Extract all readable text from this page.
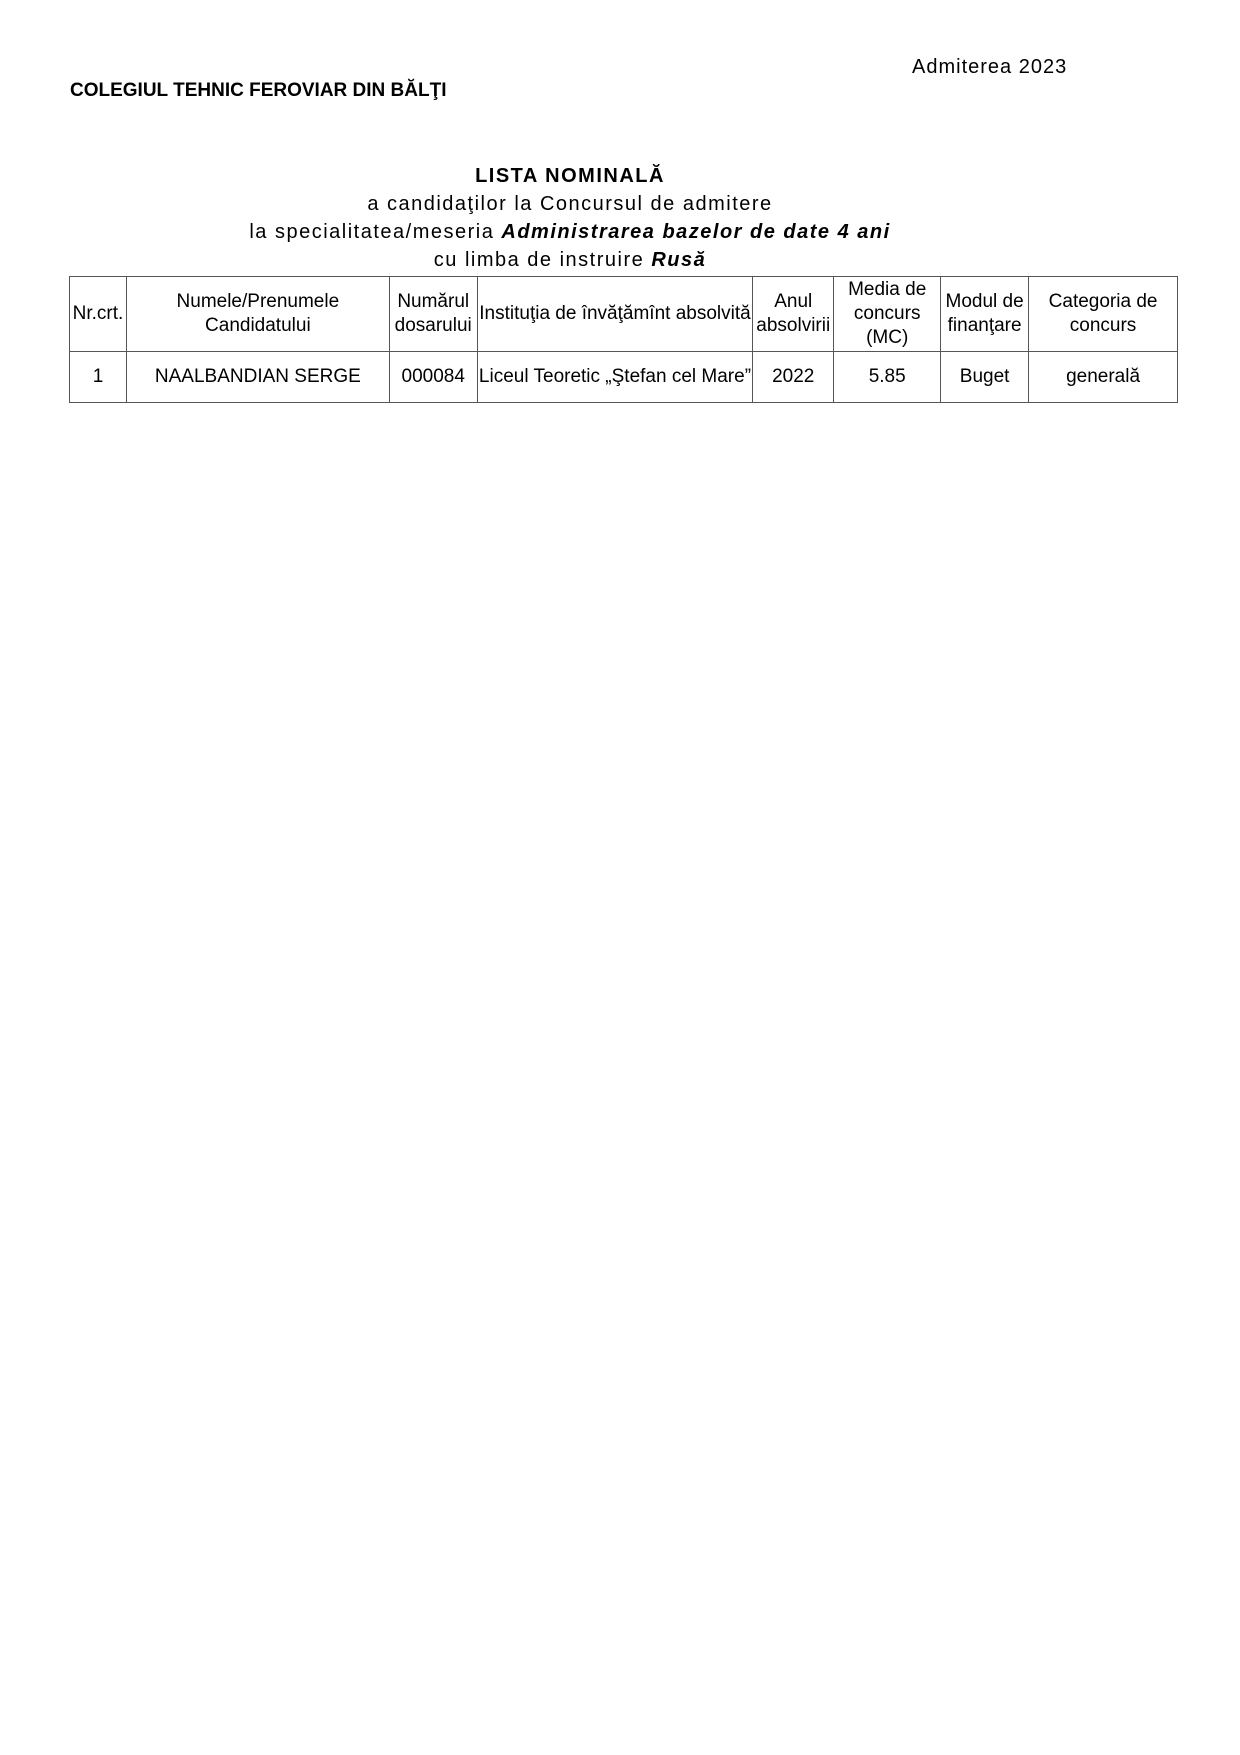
Admiterea 2023
COLEGIUL TEHNIC FEROVIAR DIN BĂLŢI
LISTA NOMINALĂ
a candidaţilor la Concursul de admitere
la specialitatea/meseria Administrarea bazelor de date 4 ani
cu limba de instruire Rusă
Nr.crt.	Numele/Prenumele Candidatului	Numărul dosarului	Instituţia de învăţămînt absolvită	Anul absolvirii	Media de concurs (MC)	Modul de finanţare	Categoria de concurs
1	NAALBANDIAN SERGE	000084	Liceul Teoretic „Ştefan cel Mare”	2022	5.85	Buget	generală
